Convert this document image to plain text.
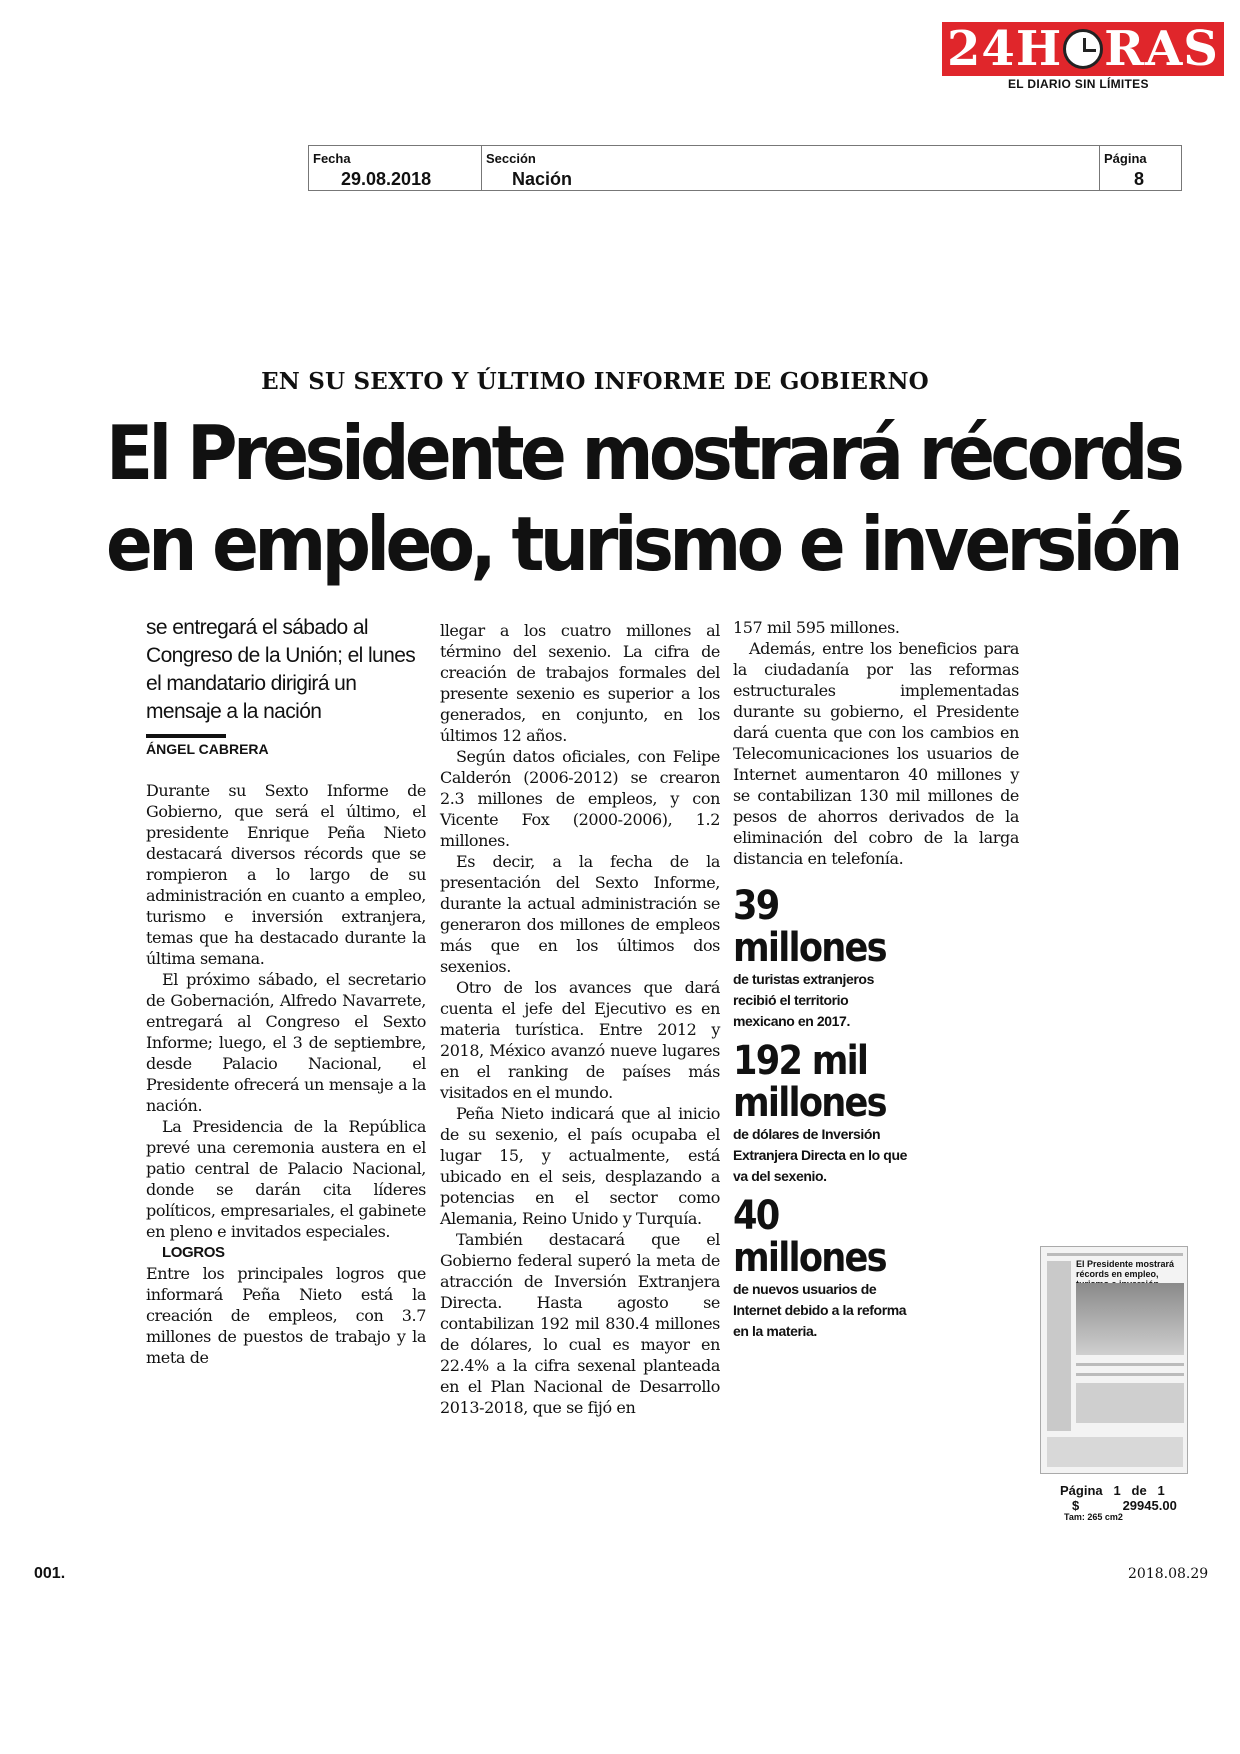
24 H RAS
EL DIARIO SIN LÍMITES
Fecha
29.08.2018
Sección
Nación
Página
8
EN SU SEXTO Y ÚLTIMO INFORME DE GOBIERNO
El Presidente mostrará récords
en empleo, turismo e inversión
se entregará el sábado al Congreso de la Unión; el lunes el mandatario dirigirá un mensaje a la nación
ÁNGEL CABRERA

Durante su Sexto Informe de Gobierno, que será el último, el presidente Enrique Peña Nieto destacará diversos récords que se rompieron a lo largo de su administración en cuanto a empleo, turismo e inversión extranjera, temas que ha destacado durante la última semana.

El próximo sábado, el secretario de Gobernación, Alfredo Navarrete, entregará al Congreso el Sexto Informe; luego, el 3 de septiembre, desde Palacio Nacional, el Presidente ofrecerá un mensaje a la nación.

La Presidencia de la República prevé una ceremonia austera en el patio central de Palacio Nacional, donde se darán cita líderes políticos, empresariales, el gabinete en pleno e invitados especiales.

LOGROS

Entre los principales logros que informará Peña Nieto está la creación de empleos, con 3.7 millones de puestos de trabajo y la meta de

llegar a los cuatro millones al término del sexenio. La cifra de creación de trabajos formales del presente sexenio es superior a los generados, en conjunto, en los últimos 12 años.

Según datos oficiales, con Felipe Calderón (2006-2012) se crearon 2.3 millones de empleos, y con Vicente Fox (2000-2006), 1.2 millones.

Es decir, a la fecha de la presentación del Sexto Informe, durante la actual administración se generaron dos millones de empleos más que en los últimos dos sexenios.

Otro de los avances que dará cuenta el jefe del Ejecutivo es en materia turística. Entre 2012 y 2018, México avanzó nueve lugares en el ranking de países más visitados en el mundo.

Peña Nieto indicará que al inicio de su sexenio, el país ocupaba el lugar 15, y actualmente, está ubicado en el seis, desplazando a potencias en el sector como Alemania, Reino Unido y Turquía.

También destacará que el Gobierno federal superó la meta de atracción de Inversión Extranjera Directa. Hasta agosto se contabilizan 192 mil 830.4 millones de dólares, lo cual es mayor en 22.4% a la cifra sexenal planteada en el Plan Nacional de Desarrollo 2013-2018, que se fijó en

157 mil 595 millones.

Además, entre los beneficios para la ciudadanía por las reformas estructurales implementadas durante su gobierno, el Presidente dará cuenta que con los cambios en Telecomunicaciones los usuarios de Internet aumentaron 40 millones y se contabilizan 130 mil millones de pesos de ahorros derivados de la eliminación del cobro de la larga distancia en telefonía.

39
millones
de turistas extranjeros recibió el territorio mexicano en 2017.
192 mil
millones
de dólares de Inversión Extranjera Directa en lo que va del sexenio.
40
millones
de nuevos usuarios de Internet debido a la reforma en la materia.
El Presidente mostrará récords en empleo,
Página   1   de   1
$            29945.00
Tam: 265 cm2
001.	2018.08.29
